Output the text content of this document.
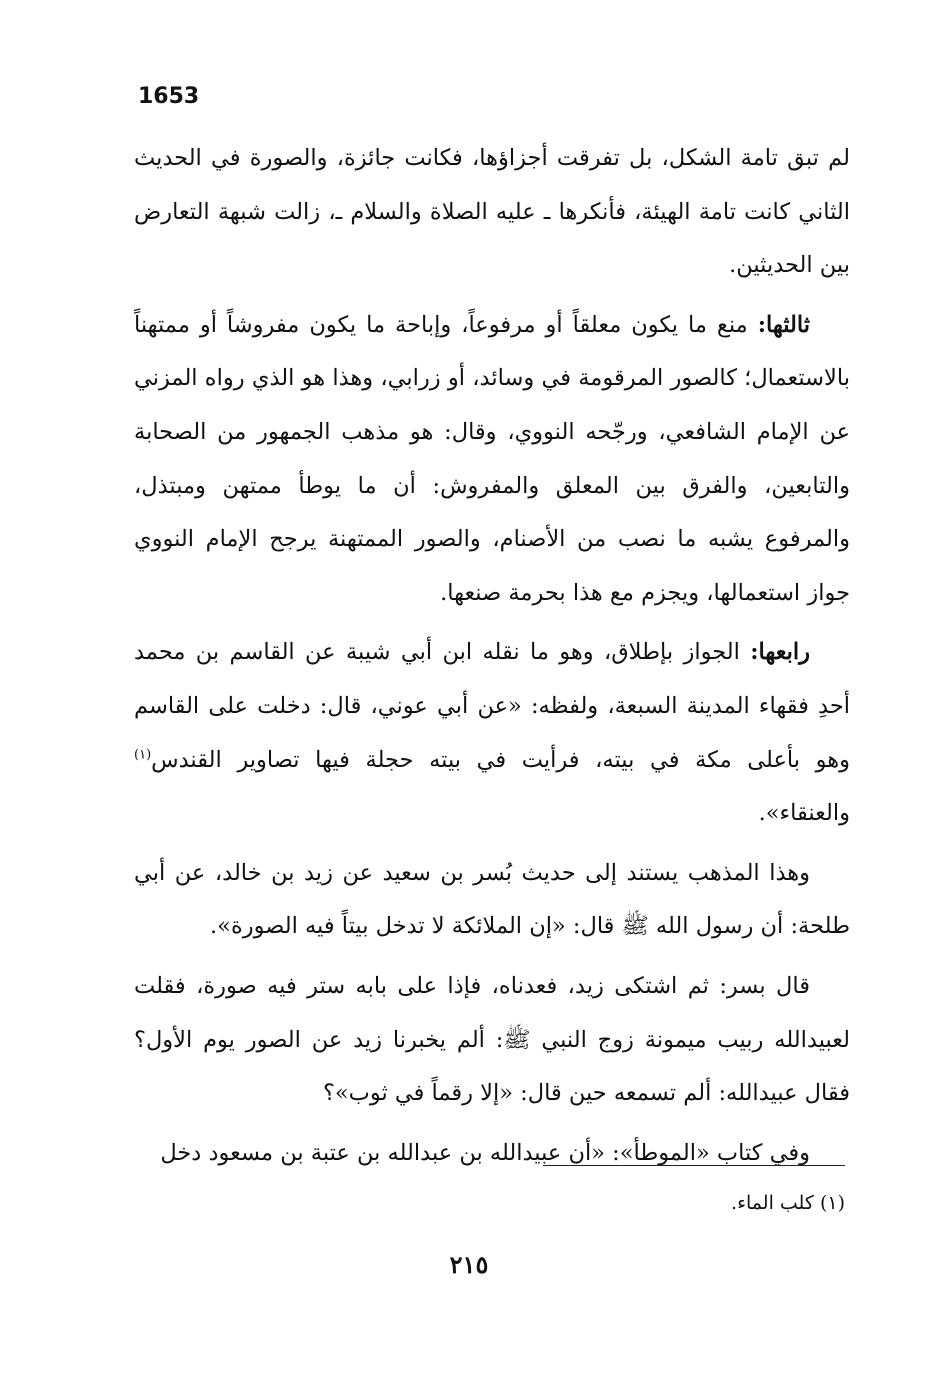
1653

لم تبق تامة الشكل، بل تفرقت أجزاؤها، فكانت جائزة، والصورة في الحديث الثاني كانت تامة الهيئة، فأنكرها ـ عليه الصلاة والسلام ـ، زالت شبهة التعارض بين الحديثين.

ثالثها: منع ما يكون معلقاً أو مرفوعاً، وإباحة ما يكون مفروشاً أو ممتهناً بالاستعمال؛ كالصور المرقومة في وسائد، أو زرابي، وهذا هو الذي رواه المزني عن الإمام الشافعي، ورجّحه النووي، وقال: هو مذهب الجمهور من الصحابة والتابعين، والفرق بين المعلق والمفروش: أن ما يوطأ ممتهن ومبتذل، والمرفوع يشبه ما نصب من الأصنام، والصور الممتهنة يرجح الإمام النووي جواز استعمالها، ويجزم مع هذا بحرمة صنعها.

رابعها: الجواز بإطلاق، وهو ما نقله ابن أبي شيبة عن القاسم بن محمد أحدِ فقهاء المدينة السبعة، ولفظه: «عن أبي عوني، قال: دخلت على القاسم وهو بأعلى مكة في بيته، فرأيت في بيته حجلة فيها تصاوير القندس$^{(١)}$ والعنقاء».

وهذا المذهب يستند إلى حديث بُسر بن سعيد عن زيد بن خالد، عن أبي طلحة: أن رسول الله ﷺ قال: «إن الملائكة لا تدخل بيتاً فيه الصورة».

قال بسر: ثم اشتكى زيد، فعدناه، فإذا على بابه ستر فيه صورة، فقلت لعبيدالله ربيب ميمونة زوج النبي ﷺ: ألم يخبرنا زيد عن الصور يوم الأول؟ فقال عبيدالله: ألم تسمعه حين قال: «إلا رقماً في ثوب»؟

وفي كتاب «الموطأ»: «أن عبيدالله بن عبدالله بن عتبة بن مسعود دخل

(١) كلب الماء.
٢١٥
